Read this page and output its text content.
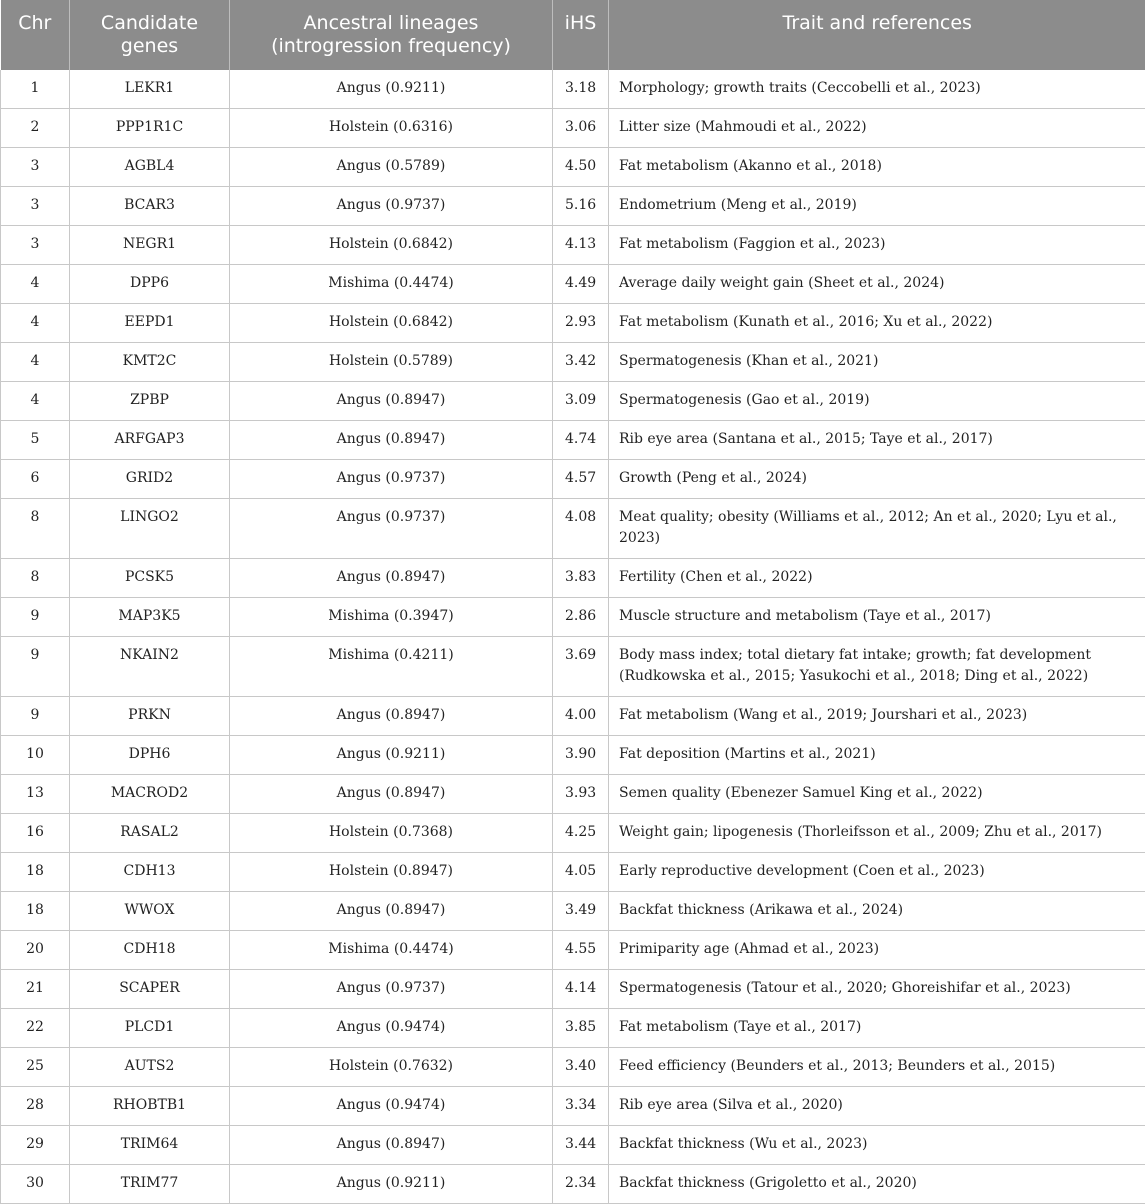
Chr	Candidate genes	Ancestral lineages (introgression frequency)	iHS	Trait and references
1	LEKR1	Angus (0.9211)	3.18	Morphology; growth traits (Ceccobelli et al., 2023)
2	PPP1R1C	Holstein (0.6316)	3.06	Litter size (Mahmoudi et al., 2022)
3	AGBL4	Angus (0.5789)	4.50	Fat metabolism (Akanno et al., 2018)
3	BCAR3	Angus (0.9737)	5.16	Endometrium (Meng et al., 2019)
3	NEGR1	Holstein (0.6842)	4.13	Fat metabolism (Faggion et al., 2023)
4	DPP6	Mishima (0.4474)	4.49	Average daily weight gain (Sheet et al., 2024)
4	EEPD1	Holstein (0.6842)	2.93	Fat metabolism (Kunath et al., 2016; Xu et al., 2022)
4	KMT2C	Holstein (0.5789)	3.42	Spermatogenesis (Khan et al., 2021)
4	ZPBP	Angus (0.8947)	3.09	Spermatogenesis (Gao et al., 2019)
5	ARFGAP3	Angus (0.8947)	4.74	Rib eye area (Santana et al., 2015; Taye et al., 2017)
6	GRID2	Angus (0.9737)	4.57	Growth (Peng et al., 2024)
8	LINGO2	Angus (0.9737)	4.08	Meat quality; obesity (Williams et al., 2012; An et al., 2020; Lyu et al., 2023)
8	PCSK5	Angus (0.8947)	3.83	Fertility (Chen et al., 2022)
9	MAP3K5	Mishima (0.3947)	2.86	Muscle structure and metabolism (Taye et al., 2017)
9	NKAIN2	Mishima (0.4211)	3.69	Body mass index; total dietary fat intake; growth; fat development (Rudkowska et al., 2015; Yasukochi et al., 2018; Ding et al., 2022)
9	PRKN	Angus (0.8947)	4.00	Fat metabolism (Wang et al., 2019; Jourshari et al., 2023)
10	DPH6	Angus (0.9211)	3.90	Fat deposition (Martins et al., 2021)
13	MACROD2	Angus (0.8947)	3.93	Semen quality (Ebenezer Samuel King et al., 2022)
16	RASAL2	Holstein (0.7368)	4.25	Weight gain; lipogenesis (Thorleifsson et al., 2009; Zhu et al., 2017)
18	CDH13	Holstein (0.8947)	4.05	Early reproductive development (Coen et al., 2023)
18	WWOX	Angus (0.8947)	3.49	Backfat thickness (Arikawa et al., 2024)
20	CDH18	Mishima (0.4474)	4.55	Primiparity age (Ahmad et al., 2023)
21	SCAPER	Angus (0.9737)	4.14	Spermatogenesis (Tatour et al., 2020; Ghoreishifar et al., 2023)
22	PLCD1	Angus (0.9474)	3.85	Fat metabolism (Taye et al., 2017)
25	AUTS2	Holstein (0.7632)	3.40	Feed efficiency (Beunders et al., 2013; Beunders et al., 2015)
28	RHOBTB1	Angus (0.9474)	3.34	Rib eye area (Silva et al., 2020)
29	TRIM64	Angus (0.8947)	3.44	Backfat thickness (Wu et al., 2023)
30	TRIM77	Angus (0.9211)	2.34	Backfat thickness (Grigoletto et al., 2020)
